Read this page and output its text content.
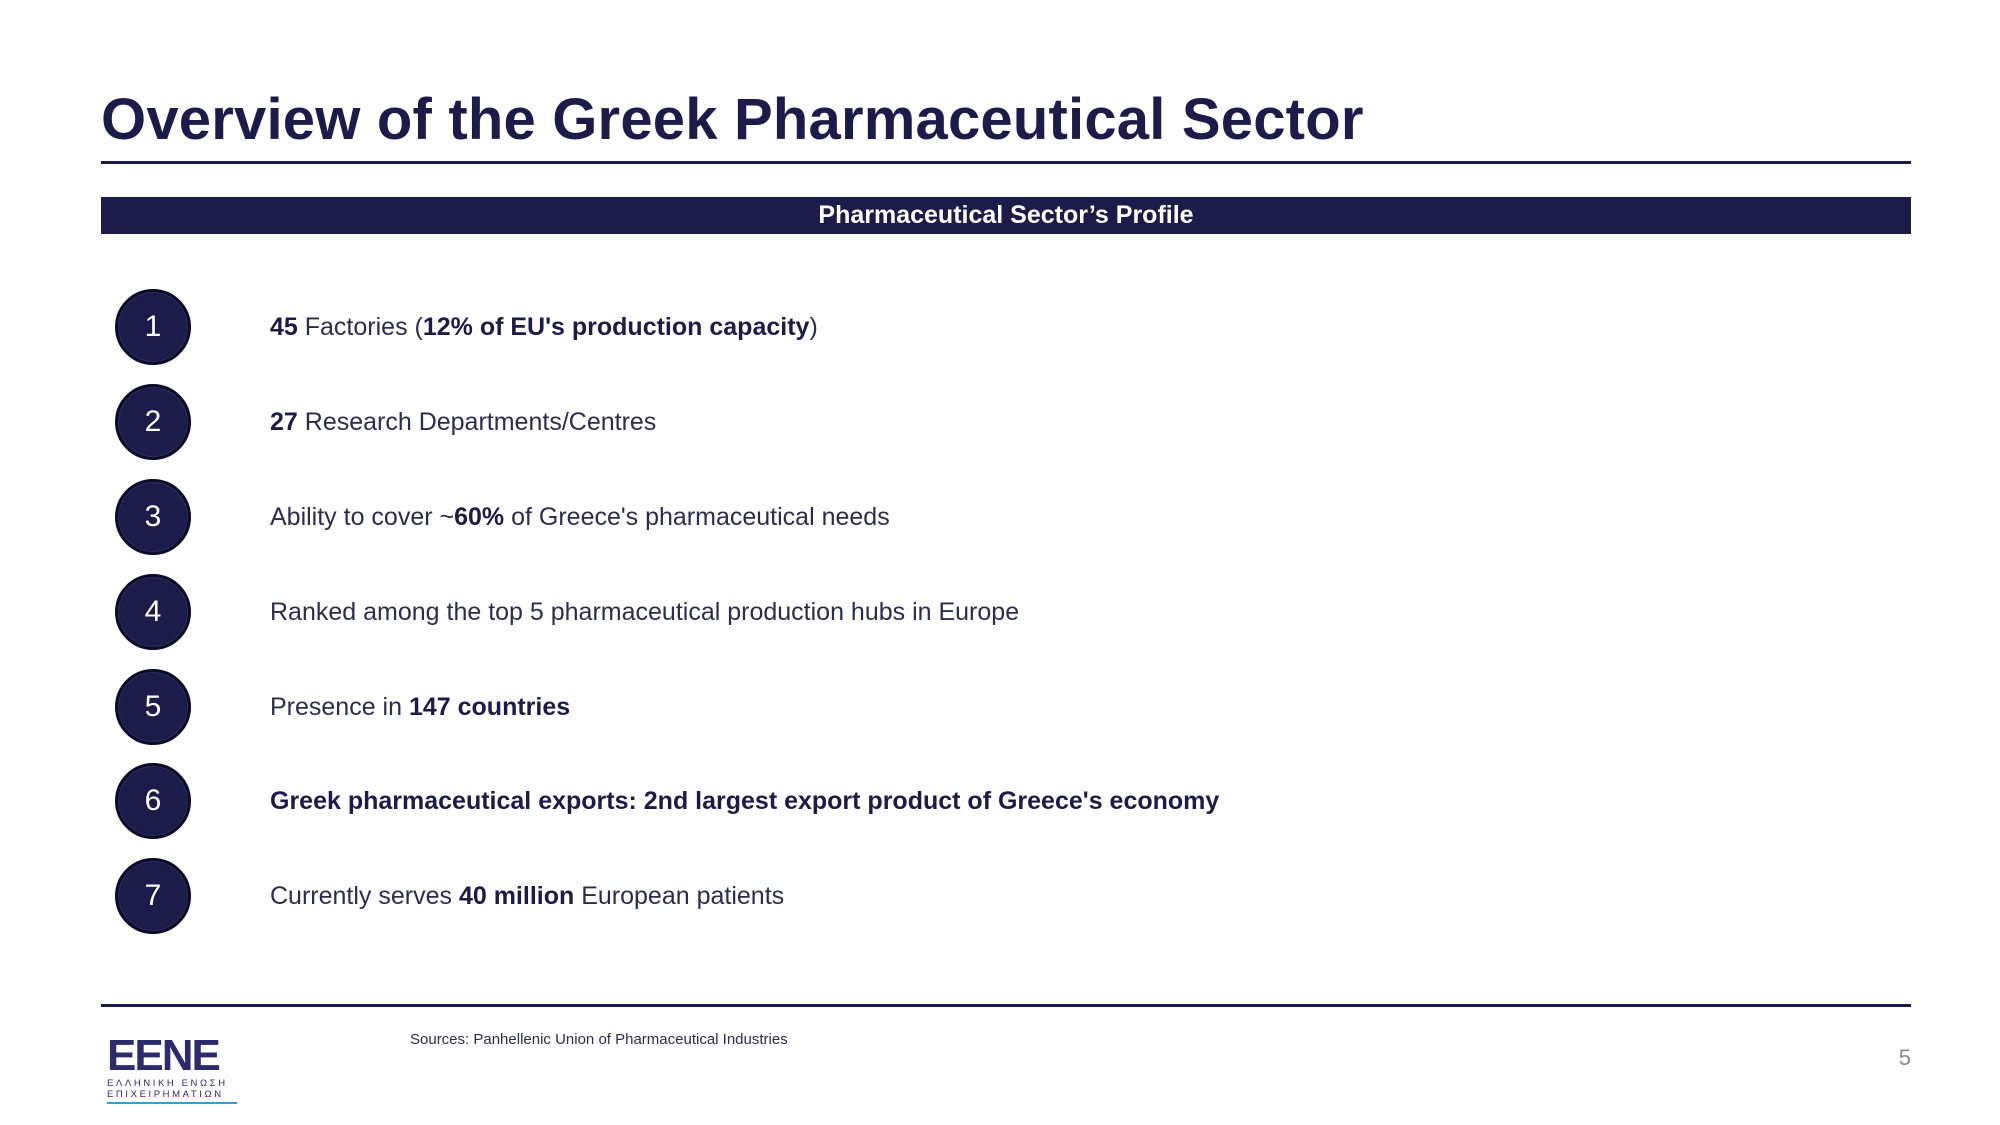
Overview of the Greek Pharmaceutical Sector
Pharmaceutical Sector’s Profile
1	45 Factories (12% of EU's production capacity)
2	27 Research Departments/Centres
3	Ability to cover ~60% of Greece's pharmaceutical needs
4	Ranked among the top 5 pharmaceutical production hubs in Europe
5	Presence in 147 countries
6	Greek pharmaceutical exports: 2nd largest export product of Greece's economy
7	Currently serves 40 million European patients
EENE
ΕΛΛΗΝΙΚΗ ΕΝΩΣΗ
ΕΠΙΧΕΙΡΗΜΑΤΙΩΝ
Sources: Panhellenic Union of Pharmaceutical Industries
5
